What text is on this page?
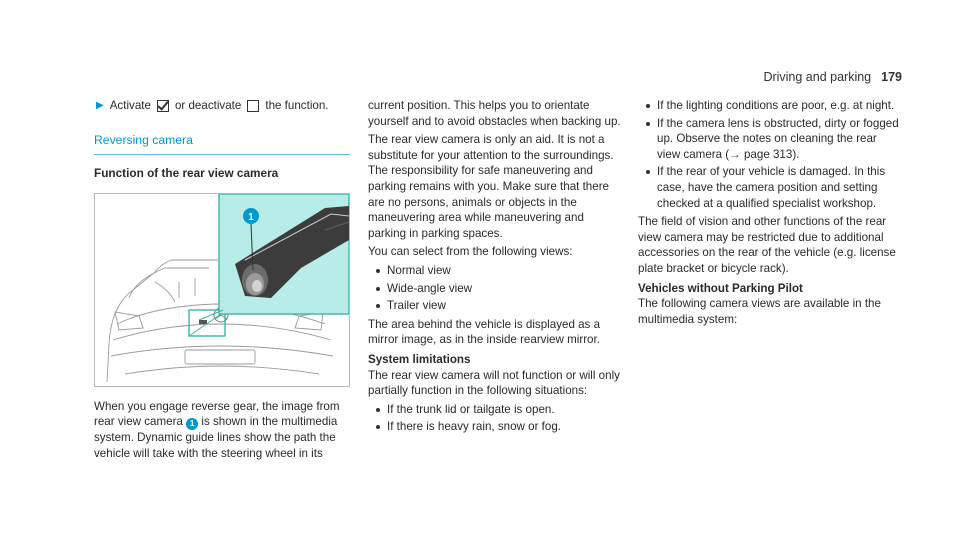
Driving and parking 179
▶ Activate or deactivate the function.
Reversing camera
Function of the rear view camera
1

When you engage reverse gear, the image from rear view camera 1 is shown in the multimedia system. Dynamic guide lines show the path the vehicle will take with the steering wheel in its

current position. This helps you to orientate yourself and to avoid obstacles when backing up.

The rear view camera is only an aid. It is not a substitute for your attention to the surroundings. The responsibility for safe maneuvering and parking remains with you. Make sure that there are no persons, animals or objects in the maneuvering area while maneuvering and parking in parking spaces.

You can select from the following views:

Normal view
Wide-angle view
Trailer view

The area behind the vehicle is displayed as a mirror image, as in the inside rearview mirror.

System limitations

The rear view camera will not function or will only partially function in the following situations:

If the trunk lid or tailgate is open.
If there is heavy rain, snow or fog.
If the lighting conditions are poor, e.g. at night.
If the camera lens is obstructed, dirty or fogged up. Observe the notes on cleaning the rear view camera (→ page 313).
If the rear of your vehicle is damaged. In this case, have the camera position and setting checked at a qualified specialist workshop.

The field of vision and other functions of the rear view camera may be restricted due to additional accessories on the rear of the vehicle (e.g. license plate bracket or bicycle rack).

Vehicles without Parking Pilot

The following camera views are available in the multimedia system:
